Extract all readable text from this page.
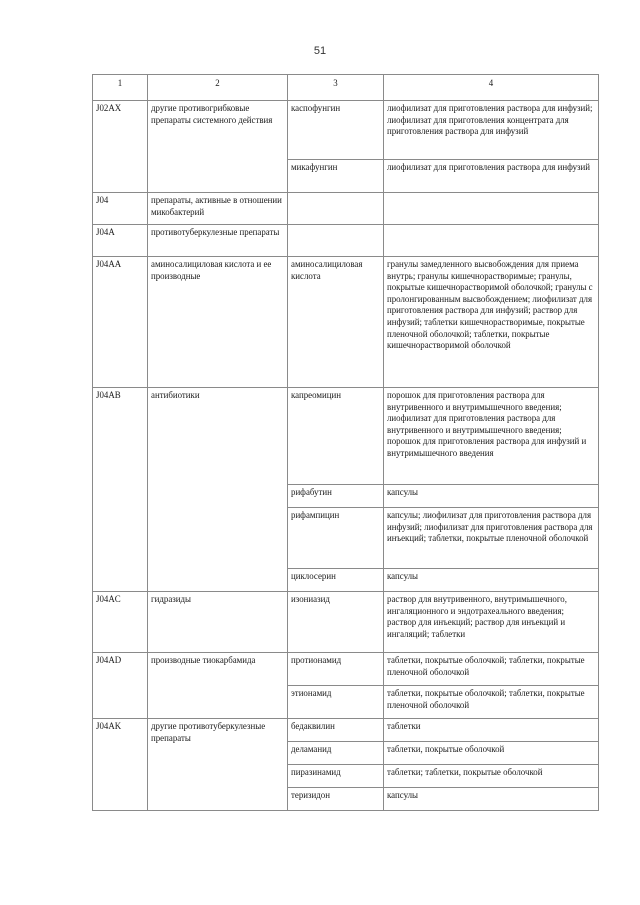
51
1	2	3	4
J02AX	другие противогрибковые препараты системного действия	каспофунгин	лиофилизат для приготовления раствора для инфузий; лиофилизат для приготовления концентрата для приготовления раствора для инфузий
		микафунгин	лиофилизат для приготовления раствора для инфузий
J04	препараты, активные в отношении микобактерий		
J04A	противотуберкулезные препараты		
J04AA	аминосалициловая кислота и ее производные	аминосалициловая кислота	гранулы замедленного высвобождения для приема внутрь; гранулы кишечнорастворимые; гранулы, покрытые кишечнорастворимой оболочкой; гранулы с пролонгированным высвобождением; лиофилизат для приготовления раствора для инфузий; раствор для инфузий; таблетки кишечнорастворимые, покрытые пленочной оболочкой; таблетки, покрытые кишечнорастворимой оболочкой
J04AB	антибиотики	капреомицин	порошок для приготовления раствора для внутривенного и внутримышечного введения; лиофилизат для приготовления раствора для внутривенного и внутримышечного введения; порошок для приготовления раствора для инфузий и внутримышечного введения
		рифабутин	капсулы
		рифампицин	капсулы; лиофилизат для приготовления раствора для инфузий; лиофилизат для приготовления раствора для инъекций; таблетки, покрытые пленочной оболочкой
		циклосерин	капсулы
J04AC	гидразиды	изониазид	раствор для внутривенного, внутримышечного, ингаляционного и эндотрахеального введения; раствор для инъекций; раствор для инъекций и ингаляций; таблетки
J04AD	производные тиокарбамида	протионамид	таблетки, покрытые оболочкой; таблетки, покрытые пленочной оболочкой
		этионамид	таблетки, покрытые оболочкой; таблетки, покрытые пленочной оболочкой
J04AK	другие противотуберкулезные препараты	бедаквилин	таблетки
		деламанид	таблетки, покрытые оболочкой
		пиразинамид	таблетки; таблетки, покрытые оболочкой
		теризидон	капсулы
